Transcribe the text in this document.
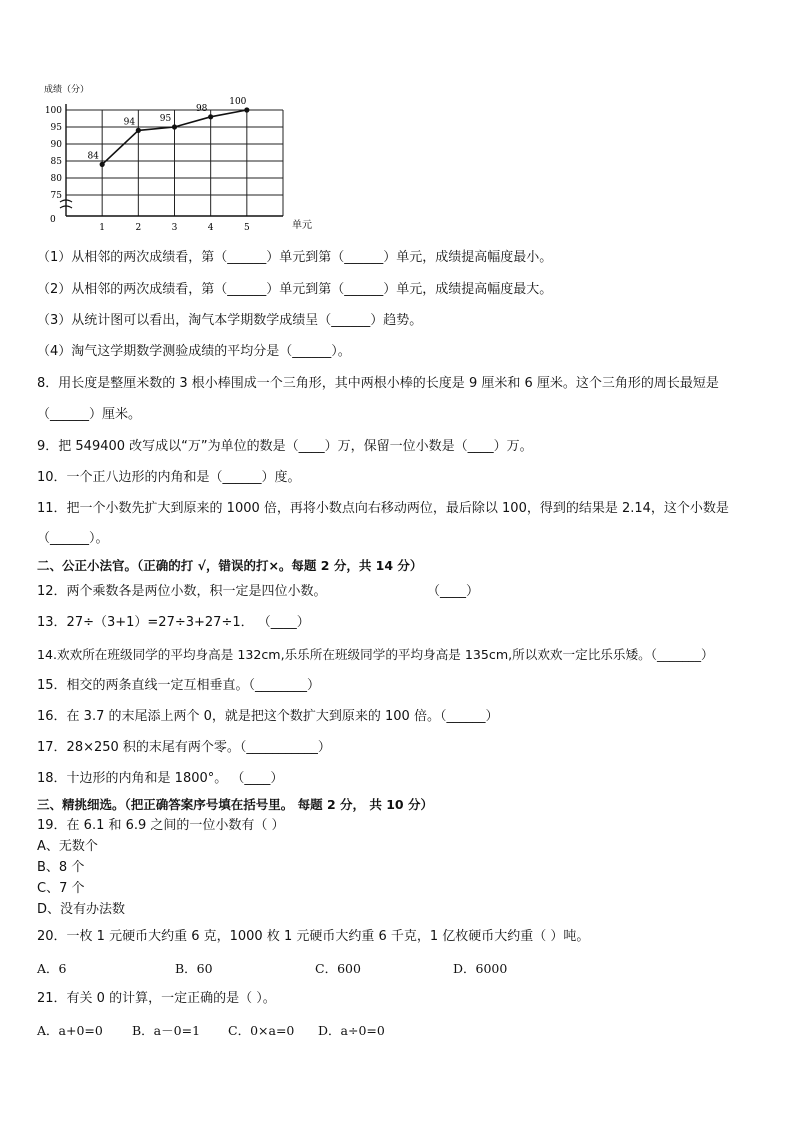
75
80
85
90
95
100
1	2	3	4	5
84
94	95
98
100
成绩（分）
单元
0
（1）从相邻的两次成绩看，第（______）单元到第（______）单元，成绩提高幅度最小。
（2）从相邻的两次成绩看，第（______）单元到第（______）单元，成绩提高幅度最大。
（3）从统计图可以看出，淘气本学期数学成绩呈（______）趋势。
（4）淘气这学期数学测验成绩的平均分是（______）。
8．用长度是整厘米数的 3 根小棒围成一个三角形，其中两根小棒的长度是 9 厘米和 6 厘米。这个三角形的周长最短是
（______）厘米。
9．把 549400 改写成以“万”为单位的数是（____）万，保留一位小数是（____）万。
10．一个正八边形的内角和是（______）度。
11．把一个小数先扩大到原来的 1000 倍，再将小数点向右移动两位，最后除以 100，得到的结果是 2.14，这个小数是
（______）。
二、公正小法官。（正确的打 √，错误的打×。每题 2 分，共 14 分）
12．两个乘数各是两位小数，积一定是四位小数。	（____）
13．27÷（3+1）=27÷3+27÷1． （____）
14.欢欢所在班级同学的平均身高是 132cm,乐乐所在班级同学的平均身高是 135cm,所以欢欢一定比乐乐矮。（_______）
15．相交的两条直线一定互相垂直。（________）
16．在 3.7 的末尾添上两个 0，就是把这个数扩大到原来的 100 倍。（______）
17．28×250 积的末尾有两个零。（___________）
18．十边形的内角和是 1800°。 （____）
三、精挑细选。（把正确答案序号填在括号里。 每题 2 分， 共 10 分）
19．在 6.1 和 6.9 之间的一位小数有（ ）
A、无数个
B、8 个
C、7 个
D、没有办法数
20．一枚 1 元硬币大约重 6 克，1000 枚 1 元硬币大约重 6 千克，1 亿枚硬币大约重（ ）吨。
A．6	B．60	C．600	D．6000
21．有关 0 的计算，一定正确的是（ ）。
A．a+0=0 B．a－0=1 C．0×a=0 D．a÷0=0
